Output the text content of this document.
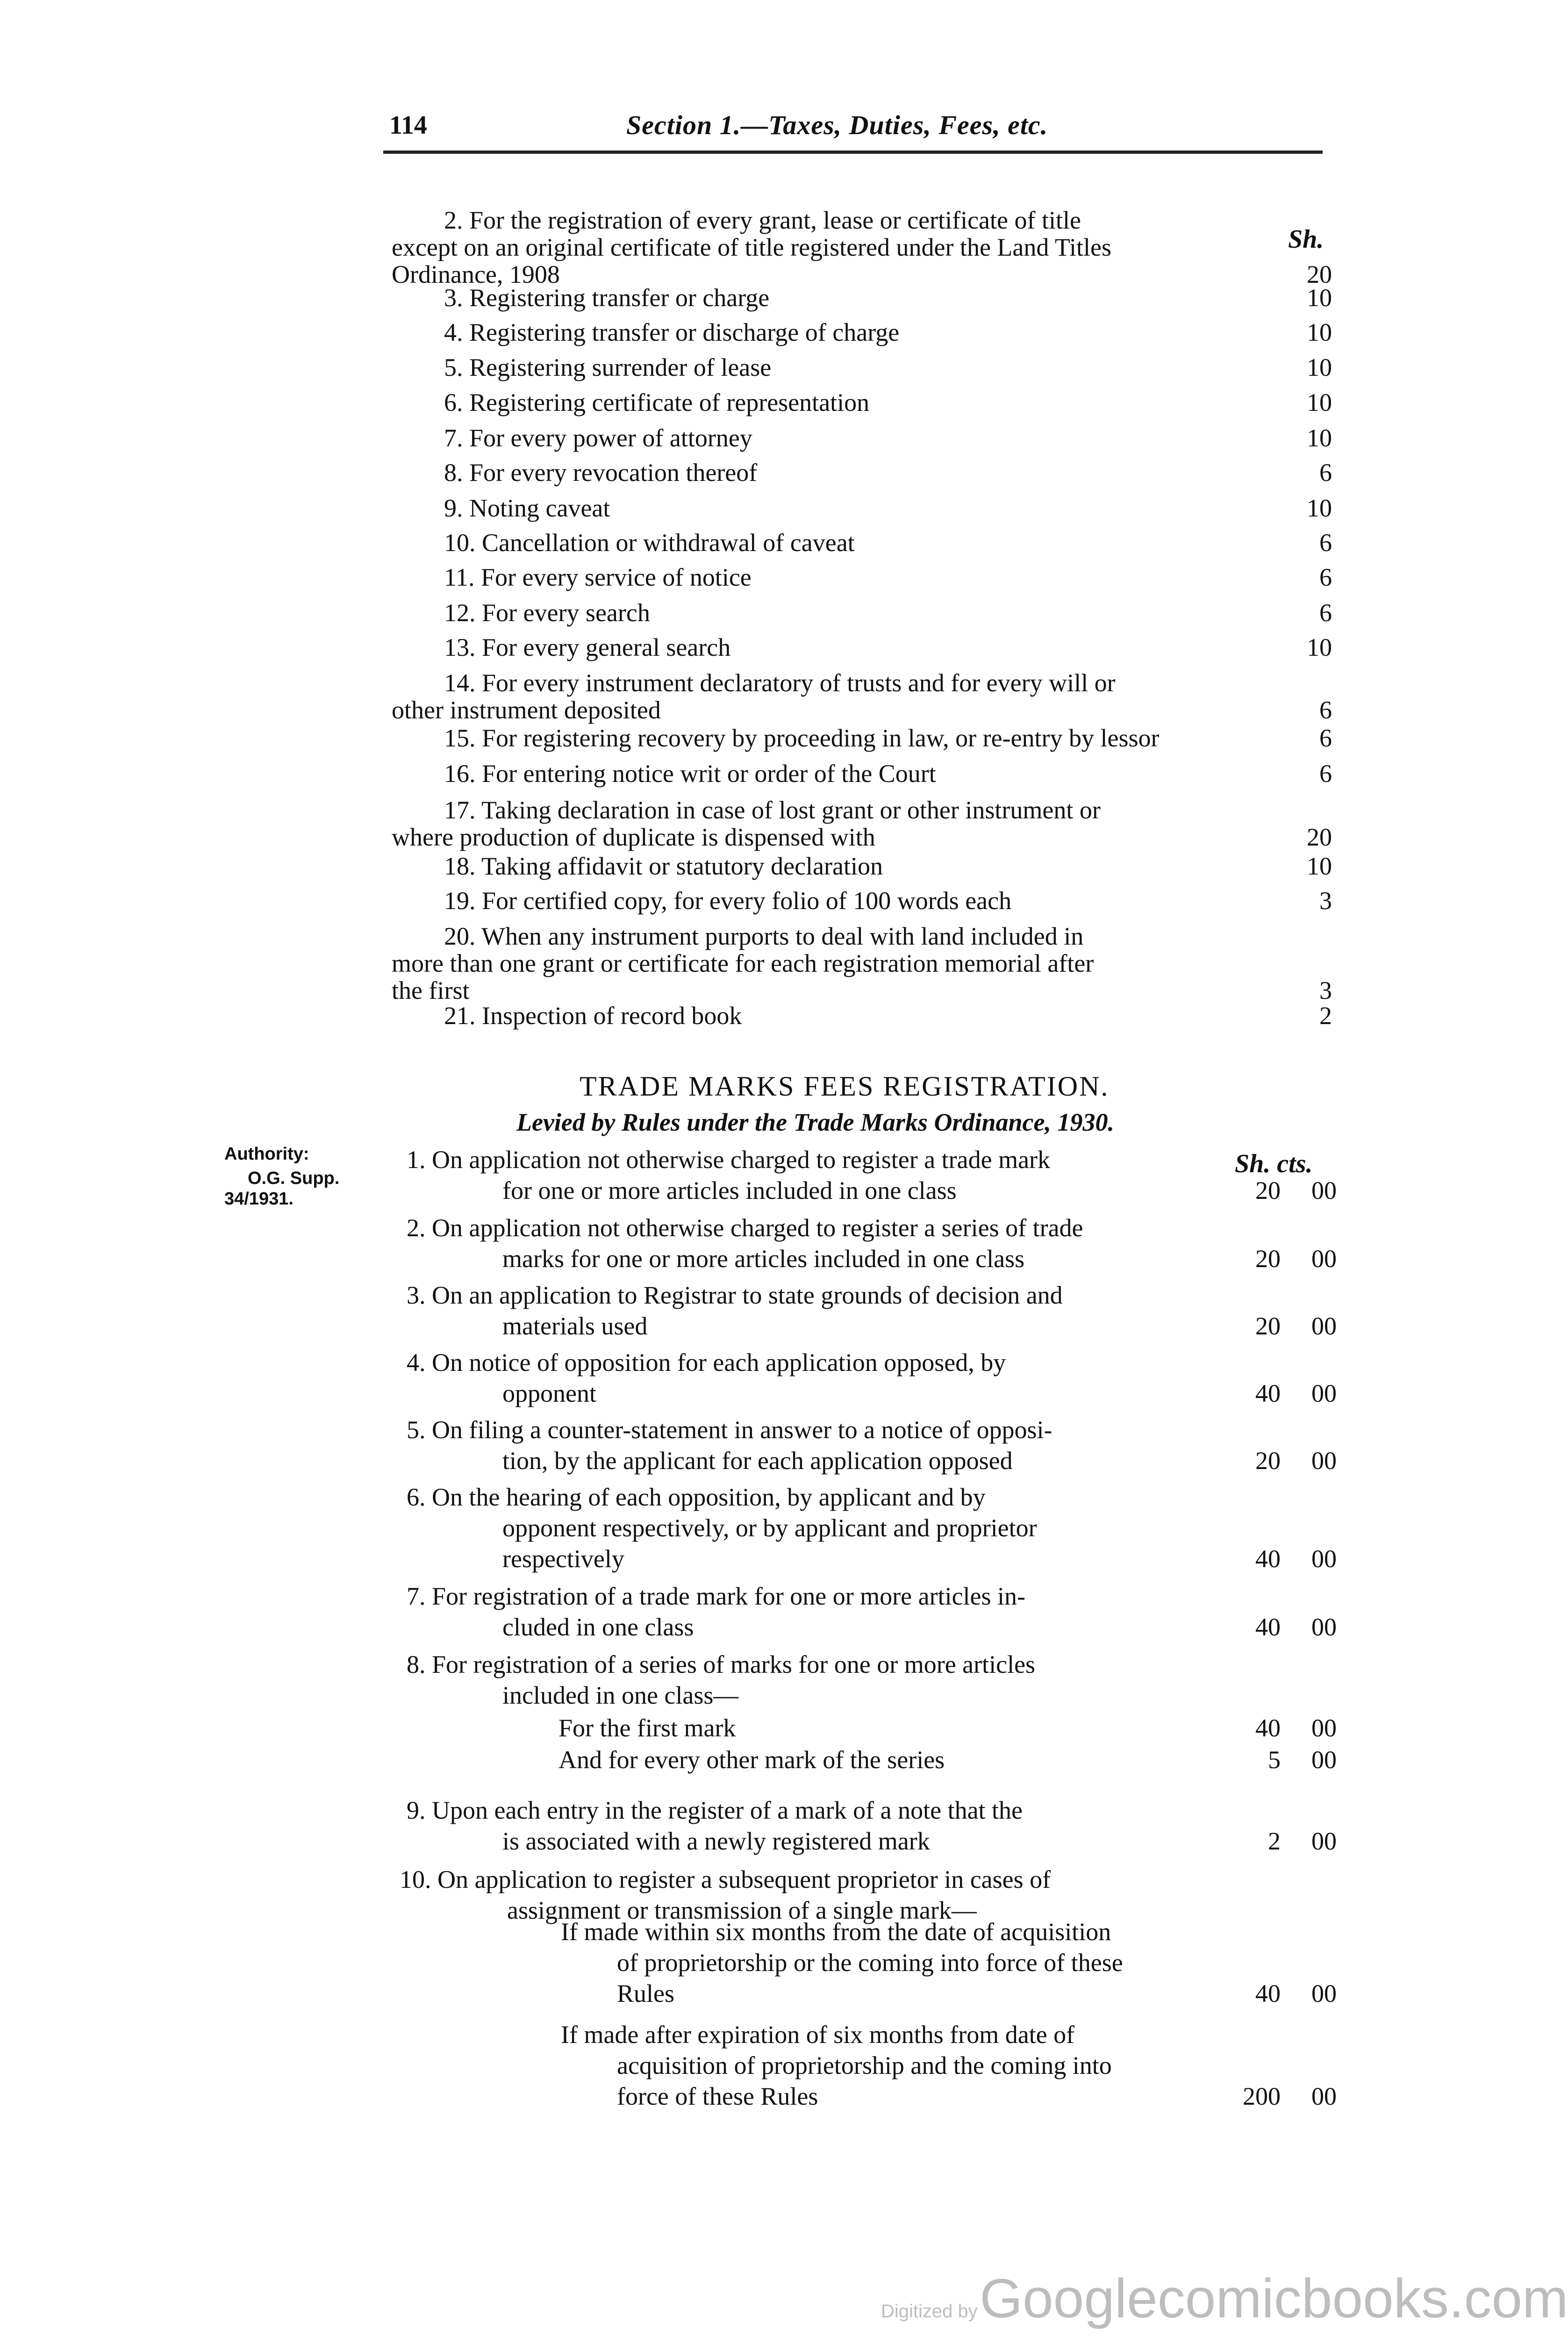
114	Section 1.—Taxes, Duties, Fees, etc.
Sh.
2. For the registration of every grant, lease or certificate of title
except on an original certificate of title registered under the Land Titles
Ordinance, 1908	20
3. Registering transfer or charge	10
4. Registering transfer or discharge of charge	10
5. Registering surrender of lease	10
6. Registering certificate of representation	10
7. For every power of attorney	10
8. For every revocation thereof	6
9. Noting caveat	10
10. Cancellation or withdrawal of caveat	6
11. For every service of notice	6
12. For every search	6
13. For every general search	10
14. For every instrument declaratory of trusts and for every will or
other instrument deposited	6
15. For registering recovery by proceeding in law, or re-entry by lessor	6
16. For entering notice writ or order of the Court	6
17. Taking declaration in case of lost grant or other instrument or
where production of duplicate is dispensed with	20
18. Taking affidavit or statutory declaration	10
19. For certified copy, for every folio of 100 words each	3
20. When any instrument purports to deal with land included in
more than one grant or certificate for each registration memorial after
the first	3
21. Inspection of record book	2
TRADE MARKS FEES REGISTRATION.
Levied by Rules under the Trade Marks Ordinance, 1930.
Authority:
O.G. Supp.
34/1931.
Sh. cts.
1. On application not otherwise charged to register a trade mark
for one or more articles included in one class	20	00
2. On application not otherwise charged to register a series of trade
marks for one or more articles included in one class	20	00
3. On an application to Registrar to state grounds of decision and
materials used	20	00
4. On notice of opposition for each application opposed, by
opponent	40	00
5. On filing a counter-statement in answer to a notice of opposi-
tion, by the applicant for each application opposed	20	00
6. On the hearing of each opposition, by applicant and by
opponent respectively, or by applicant and proprietor
respectively	40	00
7. For registration of a trade mark for one or more articles in-
cluded in one class	40	00
8. For registration of a series of marks for one or more articles
included in one class—
For the first mark	40	00
And for every other mark of the series	5	00
9. Upon each entry in the register of a mark of a note that the
is associated with a newly registered mark	2	00
10. On application to register a subsequent proprietor in cases of
assignment or transmission of a single mark—
If made within six months from the date of acquisition
of proprietorship or the coming into force of these
Rules	40	00
If made after expiration of six months from date of
acquisition of proprietorship and the coming into
force of these Rules	200	00
Digitized by Googlecomicbooks.com
